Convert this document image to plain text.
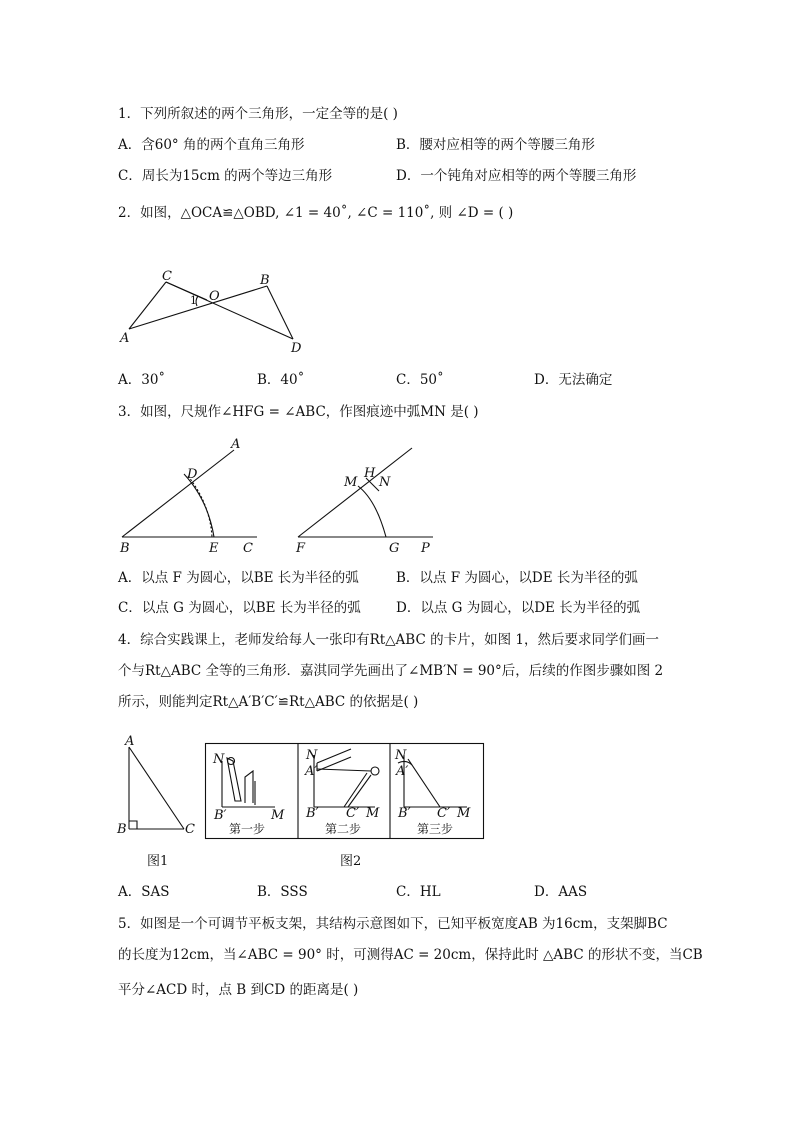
1．下列所叙述的两个三角形，一定全等的是( )
A．含60° 角的两个直角三角形	B．腰对应相等的两个等腰三角形
C．周长为15cm 的两个等边三角形	D．一个钝角对应相等的两个等腰三角形
2．如图，△OCA≌△OBD, ∠1 = 40˚, ∠C = 110˚, 则 ∠D = ( )
C
O
B
A
D
1
A．30˚	B．40˚	C．50˚	D．无法确定
3．如图，尺规作∠HFG = ∠ABC，作图痕迹中弧MN 是( )
A
D
B	E C
H
M N
F	G P
A．以点 F 为圆心，以BE 长为半径的弧	B．以点 F 为圆心，以DE 长为半径的弧
C．以点 G 为圆心，以BE 长为半径的弧	D．以点 G 为圆心，以DE 长为半径的弧
4．综合实践课上，老师发给每人一张印有Rt△ABC 的卡片，如图 1，然后要求同学们画一
个与Rt△ABC 全等的三角形．嘉淇同学先画出了∠MB′N = 90°后，后续的作图步骤如图 2
所示，则能判定Rt△A′B′C′≌Rt△ABC 的依据是( )
A
B	C
图1
N
M
B′
N
A′
B′ C′ M
N
A′
B′ C′ M
第一步	第二步	第三步
图2
A．SAS	B．SSS	C．HL	D．AAS
5．如图是一个可调节平板支架，其结构示意图如下，已知平板宽度AB 为16cm，支架脚BC
的长度为12cm，当∠ABC = 90° 时，可测得AC = 20cm，保持此时 △ABC 的形状不变，当CB
平分∠ACD 时，点 B 到CD 的距离是( )
